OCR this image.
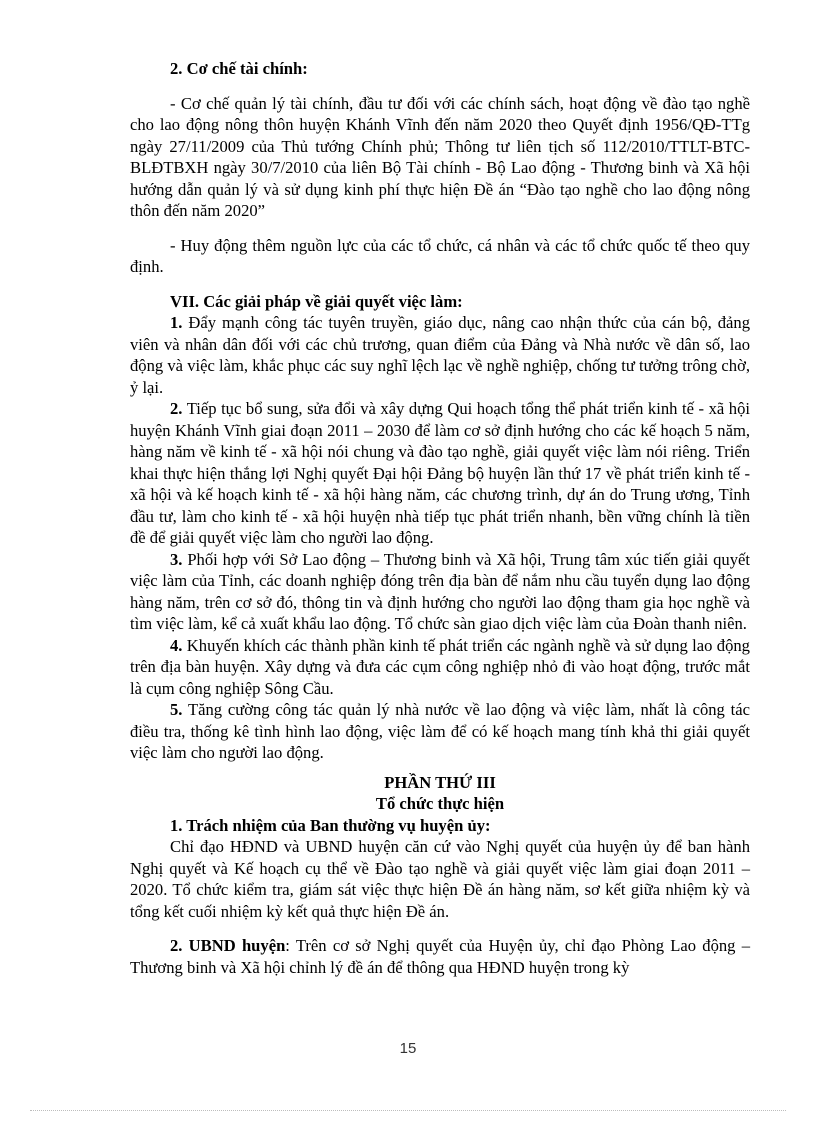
2. Cơ chế tài chính:

- Cơ chế quản lý tài chính, đầu tư đối với các chính sách, hoạt động về đào tạo nghề cho lao động nông thôn huyện Khánh Vĩnh đến năm 2020 theo Quyết định 1956/QĐ-TTg ngày 27/11/2009 của Thủ tướng Chính phủ; Thông tư liên tịch số 112/2010/TTLT-BTC-BLĐTBXH ngày 30/7/2010 của liên Bộ Tài chính - Bộ Lao động - Thương binh và Xã hội hướng dẫn quản lý và sử dụng kinh phí thực hiện Đề án “Đào tạo nghề cho lao động nông thôn đến năm 2020”

- Huy động thêm nguồn lực của các tổ chức, cá nhân và các tổ chức quốc tế theo quy định.

VII. Các giải pháp về giải quyết việc làm:

1. Đẩy mạnh công tác tuyên truyền, giáo dục, nâng cao nhận thức của cán bộ, đảng viên và nhân dân đối với các chủ trương, quan điểm của Đảng và Nhà nước về dân số, lao động và việc làm, khắc phục các suy nghĩ lệch lạc về nghề nghiệp, chống tư tưởng trông chờ, ỷ lại.

2. Tiếp tục bổ sung, sửa đổi và xây dựng Qui hoạch tổng thể phát triển kinh tế - xã hội huyện Khánh Vĩnh giai đoạn 2011 – 2030 để làm cơ sở định hướng cho các kế hoạch 5 năm, hàng năm về kinh tế - xã hội nói chung và đào tạo nghề, giải quyết việc làm nói riêng. Triển khai thực hiện thắng lợi Nghị quyết Đại hội Đảng bộ huyện lần thứ 17 về phát triển kinh tế - xã hội và kế hoạch kinh tế - xã hội hàng năm, các chương trình, dự án do Trung ương, Tỉnh đầu tư, làm cho kinh tế - xã hội huyện nhà tiếp tục phát triển nhanh, bền vững chính là tiền đề để giải quyết việc làm cho người lao động.

3. Phối hợp với Sở Lao động – Thương binh và Xã hội, Trung tâm xúc tiến giải quyết việc làm của Tỉnh, các doanh nghiệp đóng trên địa bàn để nắm nhu cầu tuyển dụng lao động hàng năm, trên cơ sở đó, thông tin và định hướng cho người lao động tham gia học nghề và tìm việc làm, kể cả xuất khẩu lao động. Tổ chức sàn giao dịch việc làm của Đoàn thanh niên.

4. Khuyến khích các thành phần kinh tế phát triển các ngành nghề và sử dụng lao động trên địa bàn huyện. Xây dựng và đưa các cụm công nghiệp nhỏ đi vào hoạt động, trước mắt là cụm công nghiệp Sông Cầu.

5. Tăng cường công tác quản lý nhà nước về lao động và việc làm, nhất là công tác điều tra, thống kê tình hình lao động, việc làm để có kế hoạch mang tính khả thi giải quyết việc làm cho người lao động.

PHẦN THỨ III

Tổ chức thực hiện

1. Trách nhiệm của Ban thường vụ huyện ủy:

Chỉ đạo HĐND và UBND huyện căn cứ vào Nghị quyết của huyện ủy để ban hành Nghị quyết và Kế hoạch cụ thể về Đào tạo nghề và giải quyết việc làm giai đoạn 2011 – 2020. Tổ chức kiểm tra, giám sát việc thực hiện Đề án hàng năm, sơ kết giữa nhiệm kỳ và tổng kết cuối nhiệm kỳ kết quả thực hiện Đề án.

2. UBND huyện: Trên cơ sở Nghị quyết của Huyện ủy, chỉ đạo Phòng Lao động – Thương binh và Xã hội chỉnh lý đề án để thông qua HĐND huyện trong kỳ

15
